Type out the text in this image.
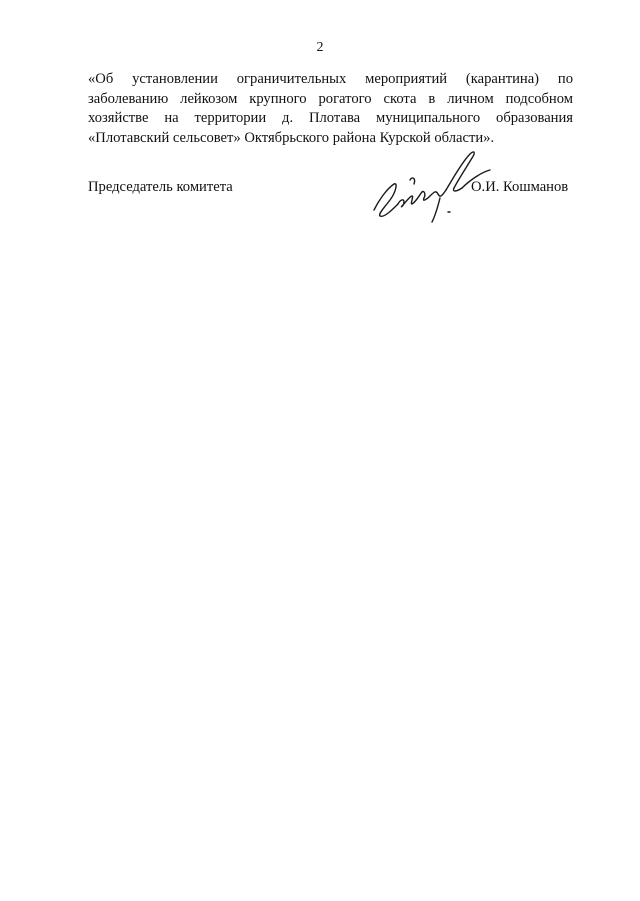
2
«Об установлении ограничительных мероприятий (карантина) по
заболеванию лейкозом крупного рогатого скота в личном подсобном
хозяйстве на территории д. Плотава муниципального образования
«Плотавский сельсовет» Октябрьского района Курской области».
Председатель комитета	О.И. Кошманов
